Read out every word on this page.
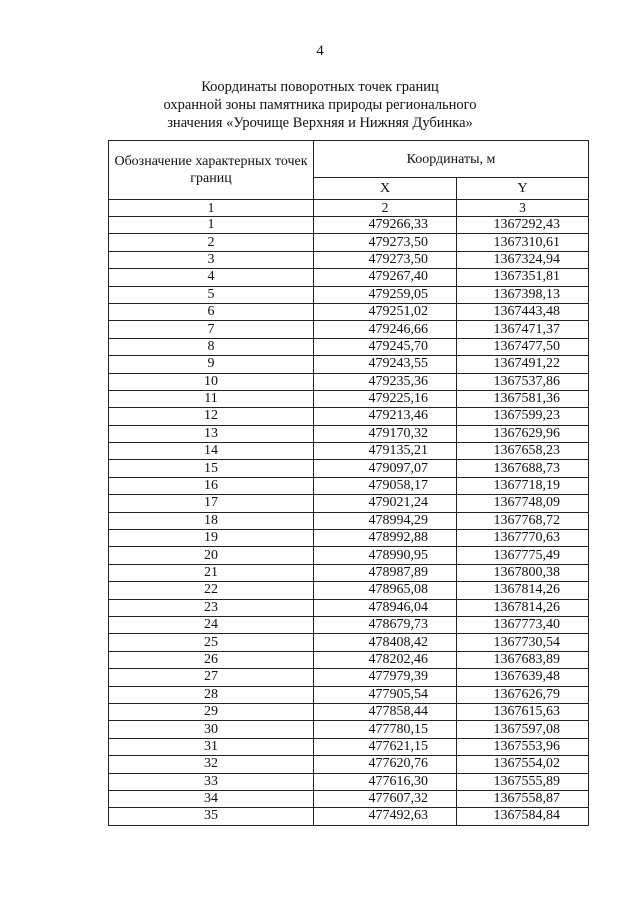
4
Координаты поворотных точек границ
охранной зоны памятника природы регионального
значения «Урочище Верхняя и Нижняя Дубинка»
Обозначение характерных точек границ	Координаты, м	
	X	Y
1	2	3
1	479266,33	1367292,43
2	479273,50	1367310,61
3	479273,50	1367324,94
4	479267,40	1367351,81
5	479259,05	1367398,13
6	479251,02	1367443,48
7	479246,66	1367471,37
8	479245,70	1367477,50
9	479243,55	1367491,22
10	479235,36	1367537,86
11	479225,16	1367581,36
12	479213,46	1367599,23
13	479170,32	1367629,96
14	479135,21	1367658,23
15	479097,07	1367688,73
16	479058,17	1367718,19
17	479021,24	1367748,09
18	478994,29	1367768,72
19	478992,88	1367770,63
20	478990,95	1367775,49
21	478987,89	1367800,38
22	478965,08	1367814,26
23	478946,04	1367814,26
24	478679,73	1367773,40
25	478408,42	1367730,54
26	478202,46	1367683,89
27	477979,39	1367639,48
28	477905,54	1367626,79
29	477858,44	1367615,63
30	477780,15	1367597,08
31	477621,15	1367553,96
32	477620,76	1367554,02
33	477616,30	1367555,89
34	477607,32	1367558,87
35	477492,63	1367584,84
